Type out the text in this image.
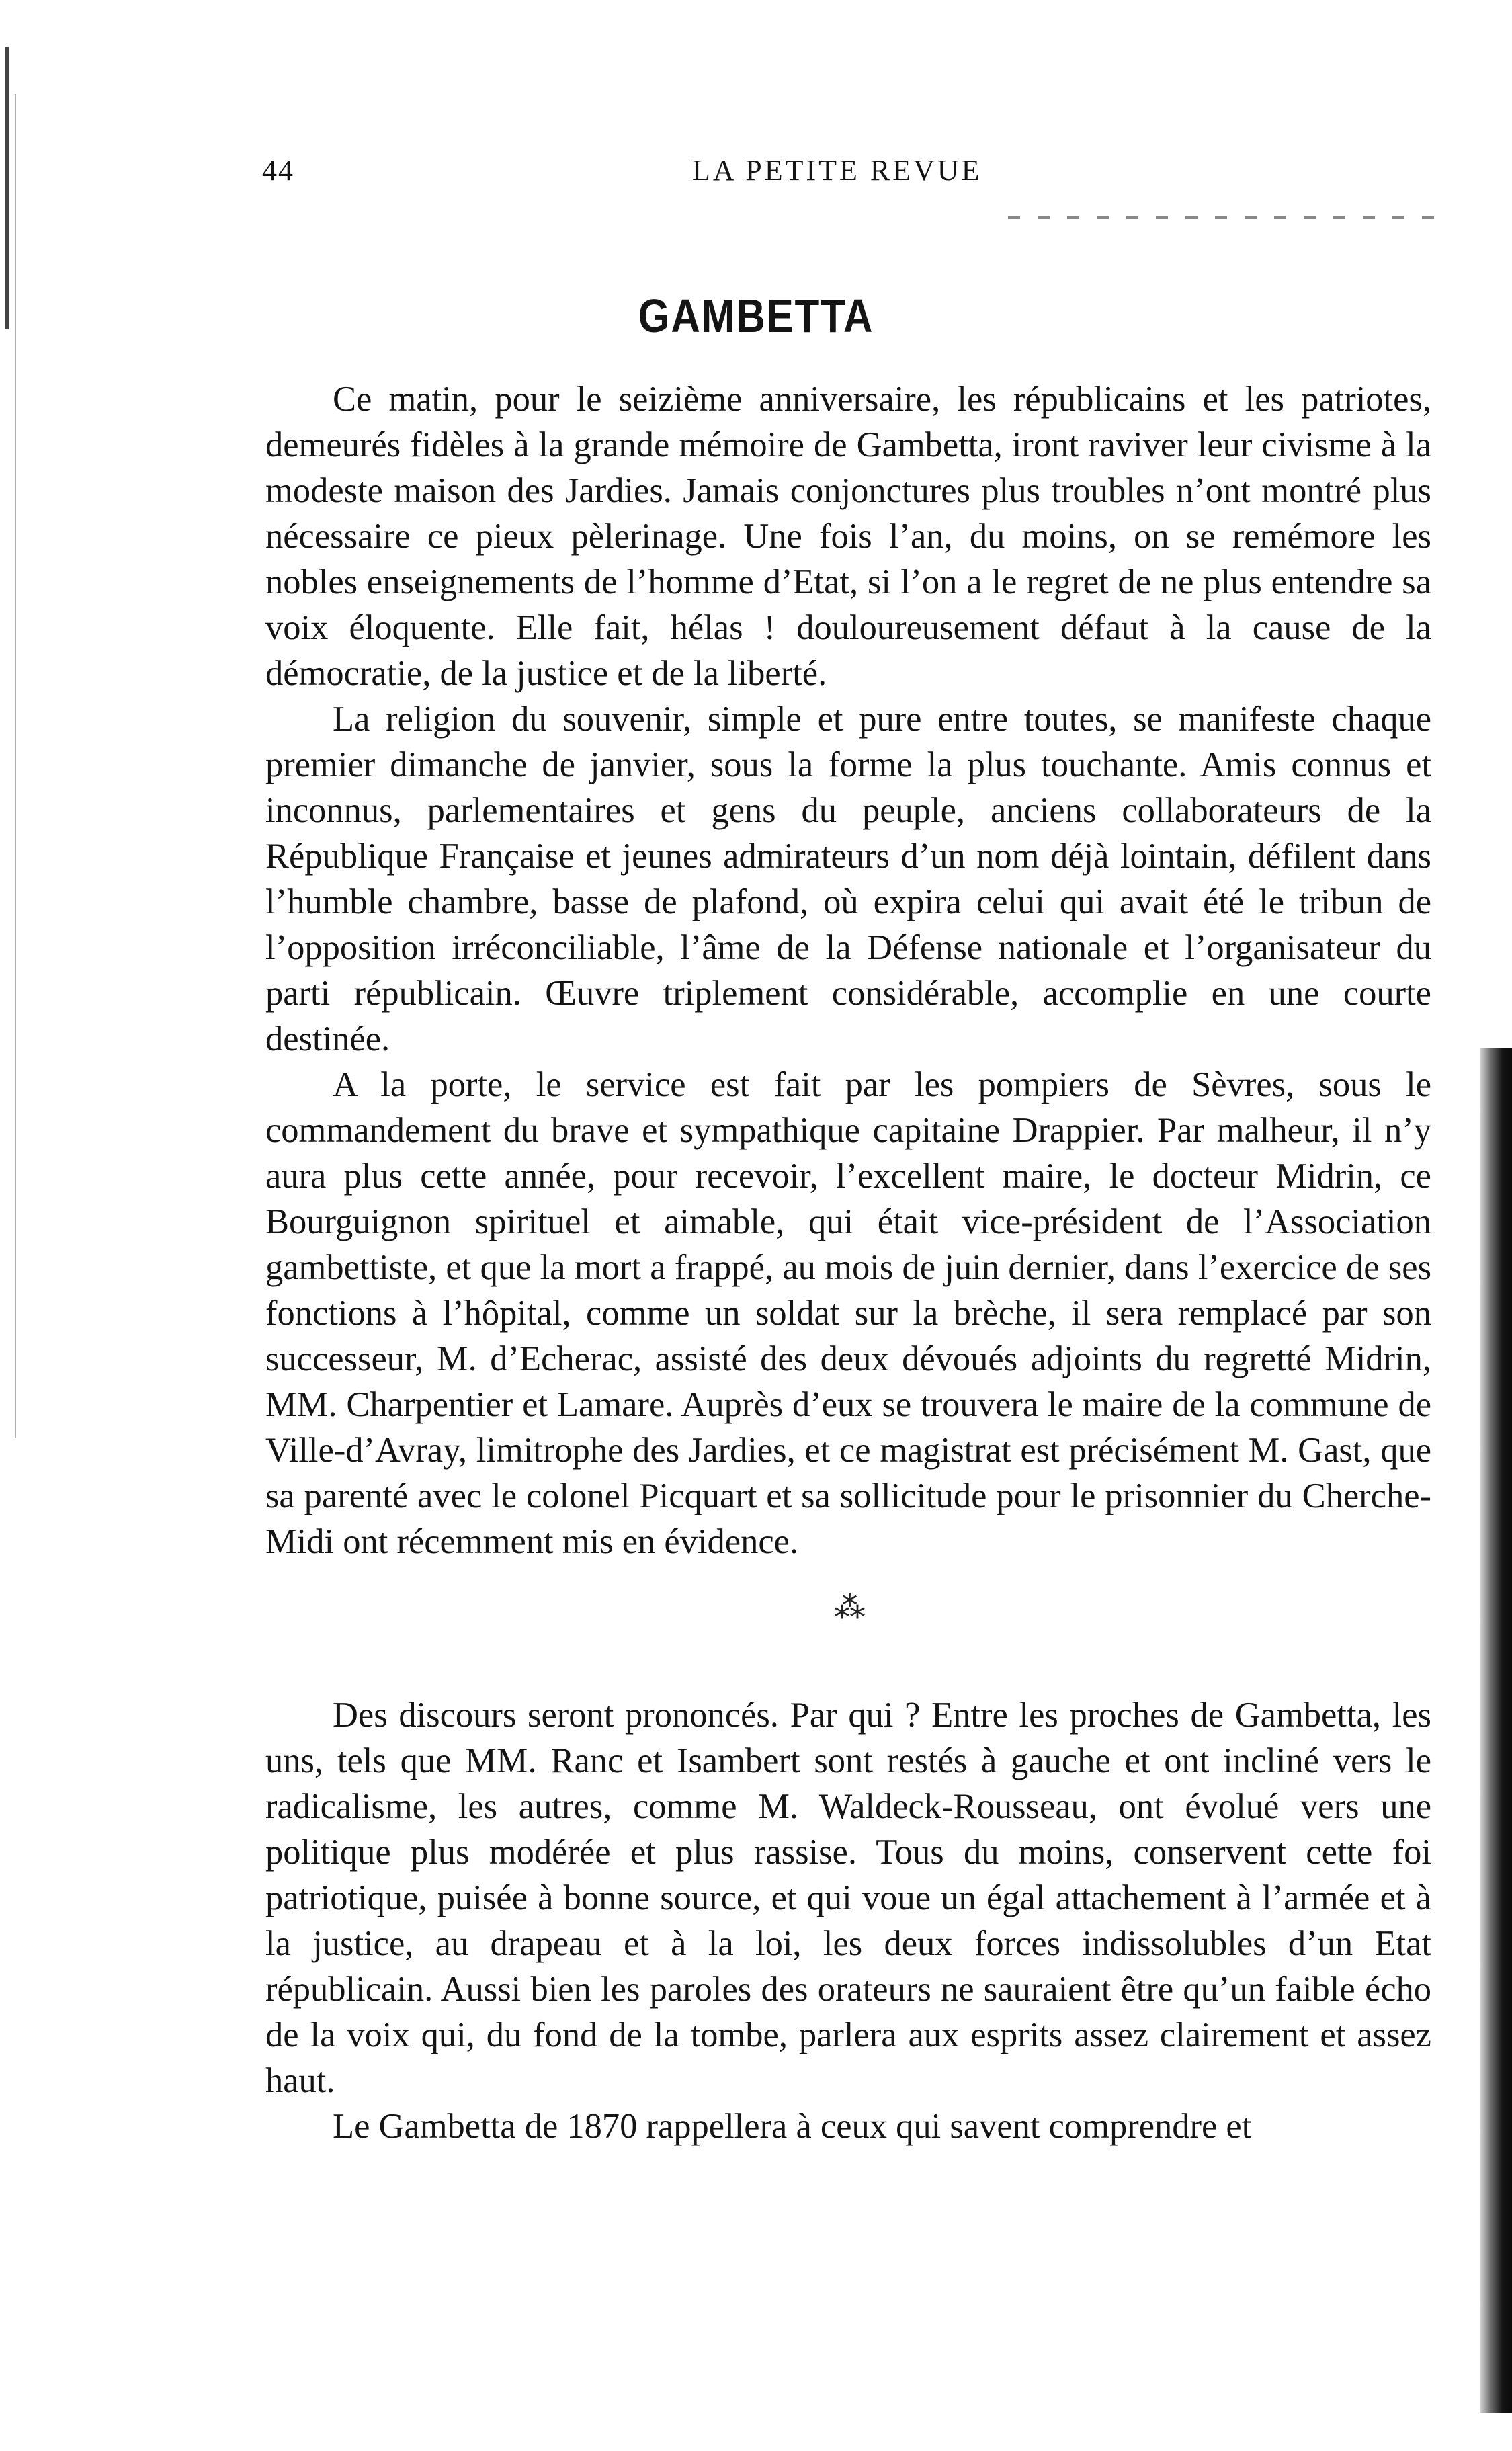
44	LA PETITE REVUE
GAMBETTA

Ce matin, pour le seizième anniversaire, les républicains et les patriotes, demeurés fidèles à la grande mémoire de Gambetta, iront raviver leur civisme à la modeste maison des Jardies. Jamais conjonctures plus troubles n’ont montré plus nécessaire ce pieux pèlerinage. Une fois l’an, du moins, on se remémore les nobles enseignements de l’homme d’Etat, si l’on a le regret de ne plus entendre sa voix éloquente. Elle fait, hélas ! douloureusement défaut à la cause de la démocratie, de la justice et de la liberté.

La religion du souvenir, simple et pure entre toutes, se manifeste chaque premier dimanche de janvier, sous la forme la plus touchante. Amis connus et inconnus, parlementaires et gens du peuple, anciens collaborateurs de la République Française et jeunes admirateurs d’un nom déjà lointain, défilent dans l’humble chambre, basse de plafond, où expira celui qui avait été le tribun de l’opposition irréconciliable, l’âme de la Défense nationale et l’organisateur du parti républicain. Œuvre triplement considérable, accomplie en une courte destinée.

A la porte, le service est fait par les pompiers de Sèvres, sous le commandement du brave et sympathique capitaine Drappier. Par malheur, il n’y aura plus cette année, pour recevoir, l’excellent maire, le docteur Midrin, ce Bourguignon spirituel et aimable, qui était vice-président de l’Association gambettiste, et que la mort a frappé, au mois de juin dernier, dans l’exercice de ses fonctions à l’hôpital, comme un soldat sur la brèche, il sera remplacé par son successeur, M. d’Echerac, assisté des deux dévoués adjoints du regretté Midrin, MM. Charpentier et Lamare. Auprès d’eux se trouvera le maire de la commune de Ville-d’Avray, limitrophe des Jardies, et ce magistrat est précisément M. Gast, que sa parenté avec le colonel Picquart et sa sollicitude pour le prisonnier du Cherche-Midi ont récemment mis en évidence.

⁂

Des discours seront prononcés. Par qui ? Entre les proches de Gambetta, les uns, tels que MM. Ranc et Isambert sont restés à gauche et ont incliné vers le radicalisme, les autres, comme M. Waldeck-Rousseau, ont évolué vers une politique plus modérée et plus rassise. Tous du moins, conservent cette foi patriotique, puisée à bonne source, et qui voue un égal attachement à l’armée et à la justice, au drapeau et à la loi, les deux forces indissolubles d’un Etat républicain. Aussi bien les paroles des orateurs ne sauraient être qu’un faible écho de la voix qui, du fond de la tombe, parlera aux esprits assez clairement et assez haut.

Le Gambetta de 1870 rappellera à ceux qui savent comprendre et
